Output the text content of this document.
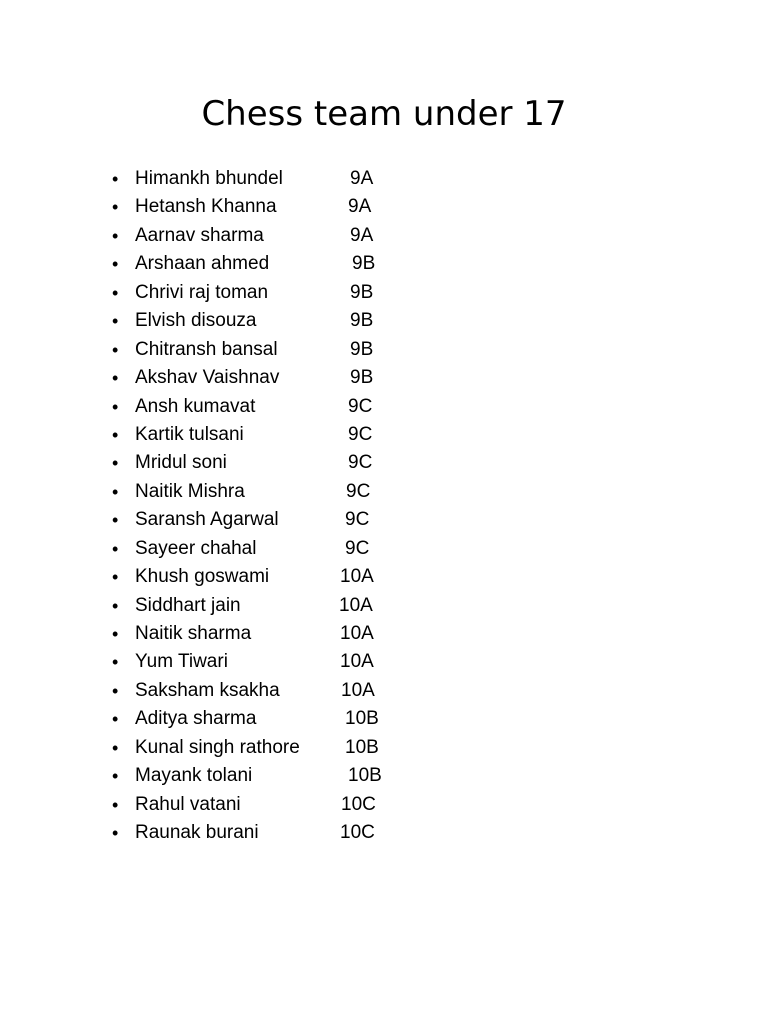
Chess team under 17
• Himankh bhundel	9A
• Hetansh Khanna	9A
• Aarnav sharma	9A
• Arshaan ahmed	9B
• Chrivi raj toman	9B
• Elvish disouza	9B
• Chitransh bansal	9B
• Akshav Vaishnav	9B
• Ansh kumavat	9C
• Kartik tulsani	9C
• Mridul soni	9C
• Naitik Mishra	9C
• Saransh Agarwal	9C
• Sayeer chahal	9C
• Khush goswami	10A
• Siddhart jain	10A
• Naitik sharma	10A
• Yum Tiwari	10A
• Saksham ksakha	10A
• Aditya sharma	10B
• Kunal singh rathore 10B
• Mayank tolani	10B
• Rahul vatani	10C
• Raunak burani	10C
